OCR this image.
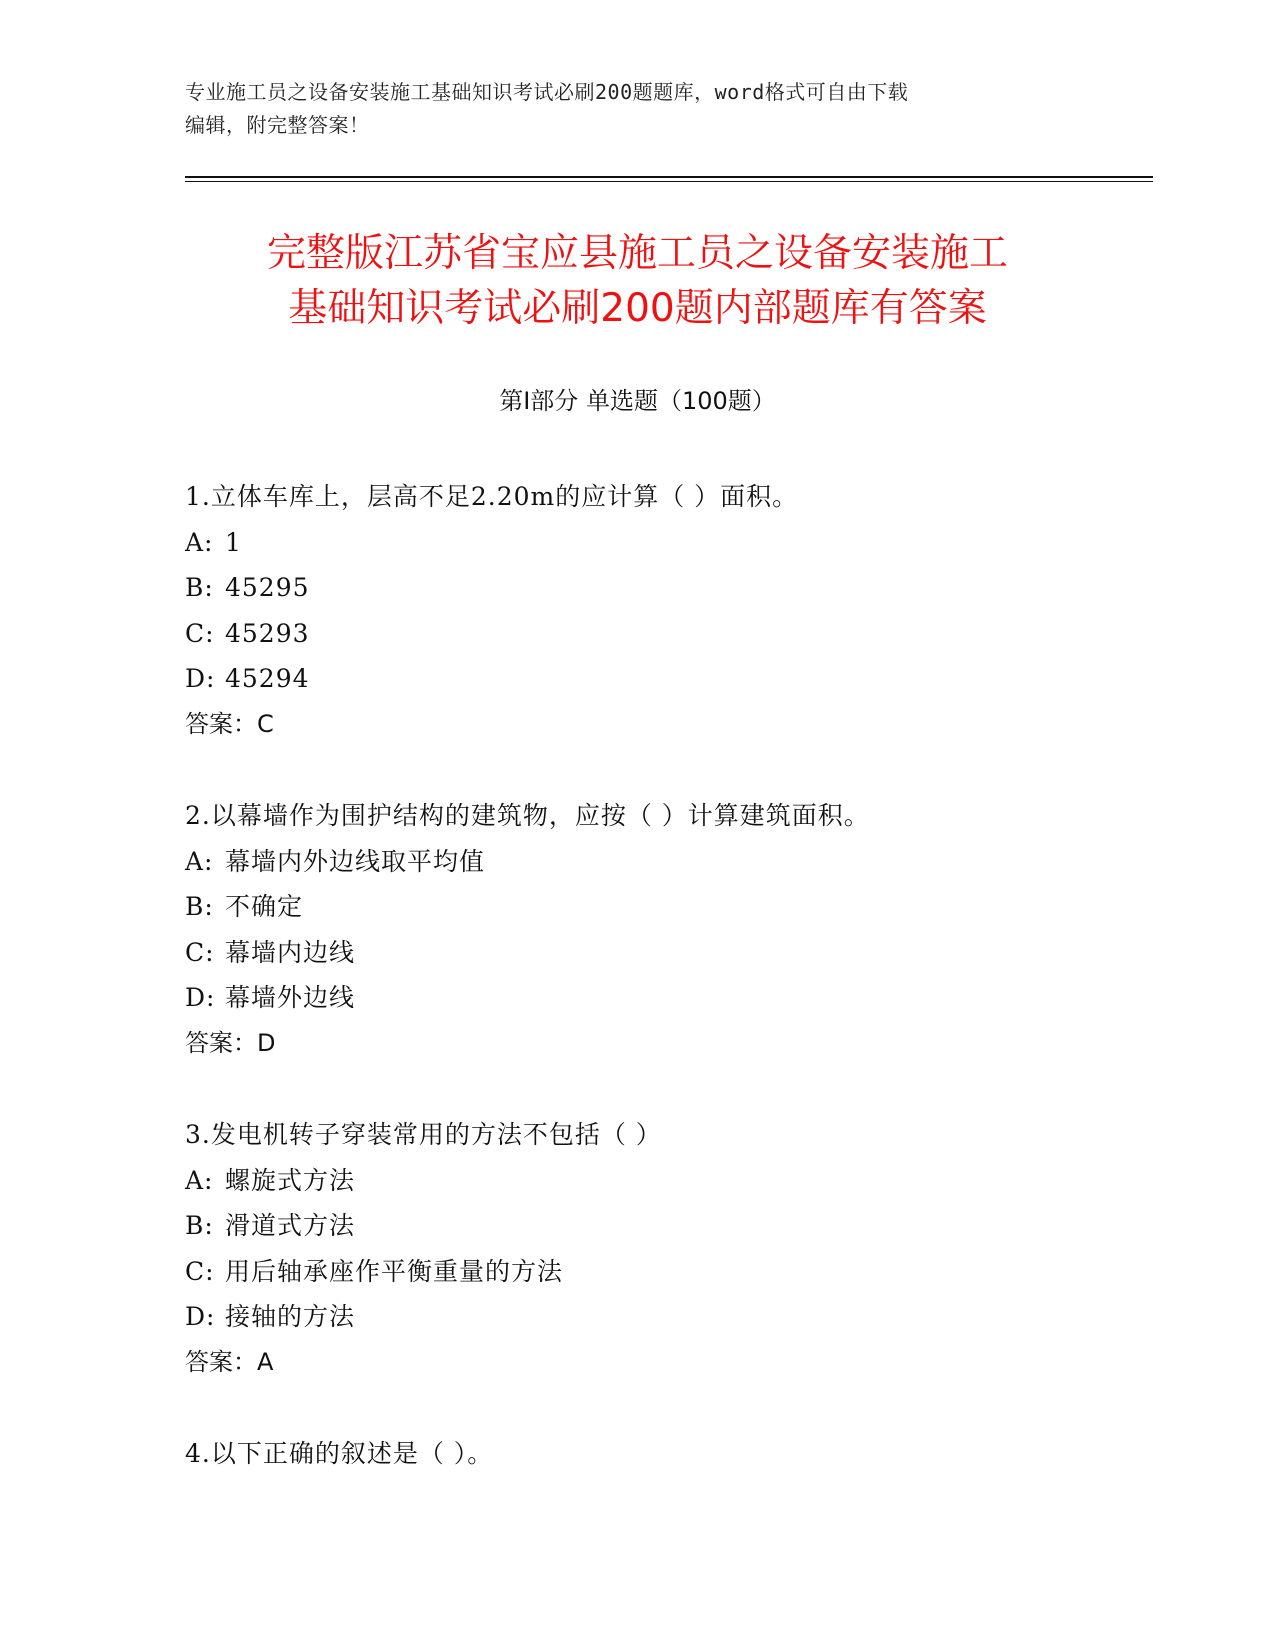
专业施工员之设备安装施工基础知识考试必刷200题题库，word格式可自由下载
编辑，附完整答案！
完整版江苏省宝应县施工员之设备安装施工
基础知识考试必刷200题内部题库有答案
第Ⅰ部分 单选题（100题）
1.立体车库上，层高不足2.20m的应计算（ ）面积。
A: 1
B: 45295
C: 45293
D: 45294
答案：C
2.以幕墙作为围护结构的建筑物，应按（ ）计算建筑面积。
A: 幕墙内外边线取平均值
B: 不确定
C: 幕墙内边线
D: 幕墙外边线
答案：D
3.发电机转子穿装常用的方法不包括（ ）
A: 螺旋式方法
B: 滑道式方法
C: 用后轴承座作平衡重量的方法
D: 接轴的方法
答案：A
4.以下正确的叙述是（ ）。
